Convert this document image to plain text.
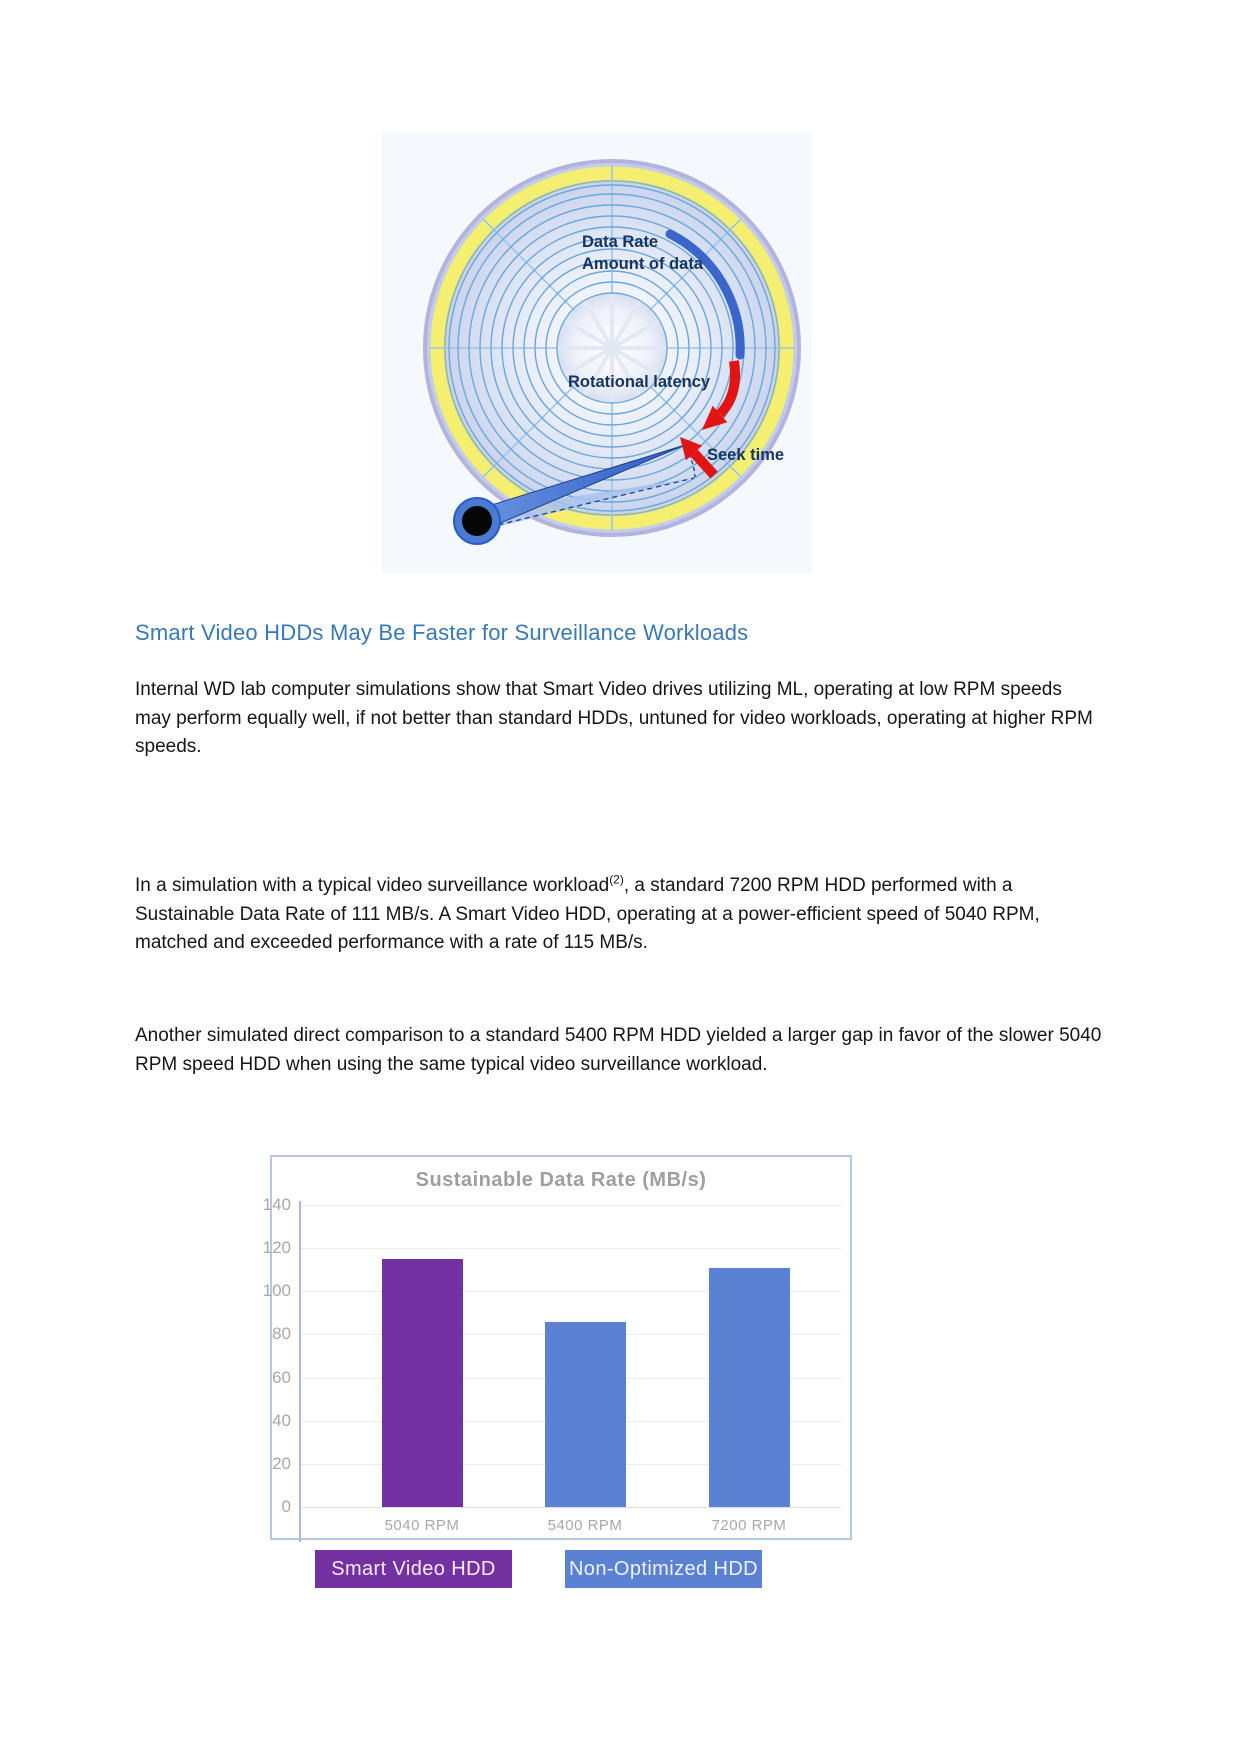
Data Rate
Amount of data
Rotational latency
Seek time
Smart Video HDDs May Be Faster for Surveillance Workloads

Internal WD lab computer simulations show that Smart Video drives utilizing ML, operating at low RPM speeds may perform equally well, if not better than standard HDDs, untuned for video workloads, operating at higher RPM speeds.

In a simulation with a typical video surveillance workload$^{(2)}$, a standard 7200 RPM HDD performed with a Sustainable Data Rate of 111 MB/s. A Smart Video HDD, operating at a power-efficient speed of 5040 RPM, matched and exceeded performance with a rate of 115 MB/s.

Another simulated direct comparison to a standard 5400 RPM HDD yielded a larger gap in favor of the slower 5040 RPM speed HDD when using the same typical video surveillance workload.

Sustainable Data Rate (MB/s)
0
20
40
60
80
100
120
140
5040 RPM	5400 RPM	7200 RPM
Smart Video HDD	Non-Optimized HDD
